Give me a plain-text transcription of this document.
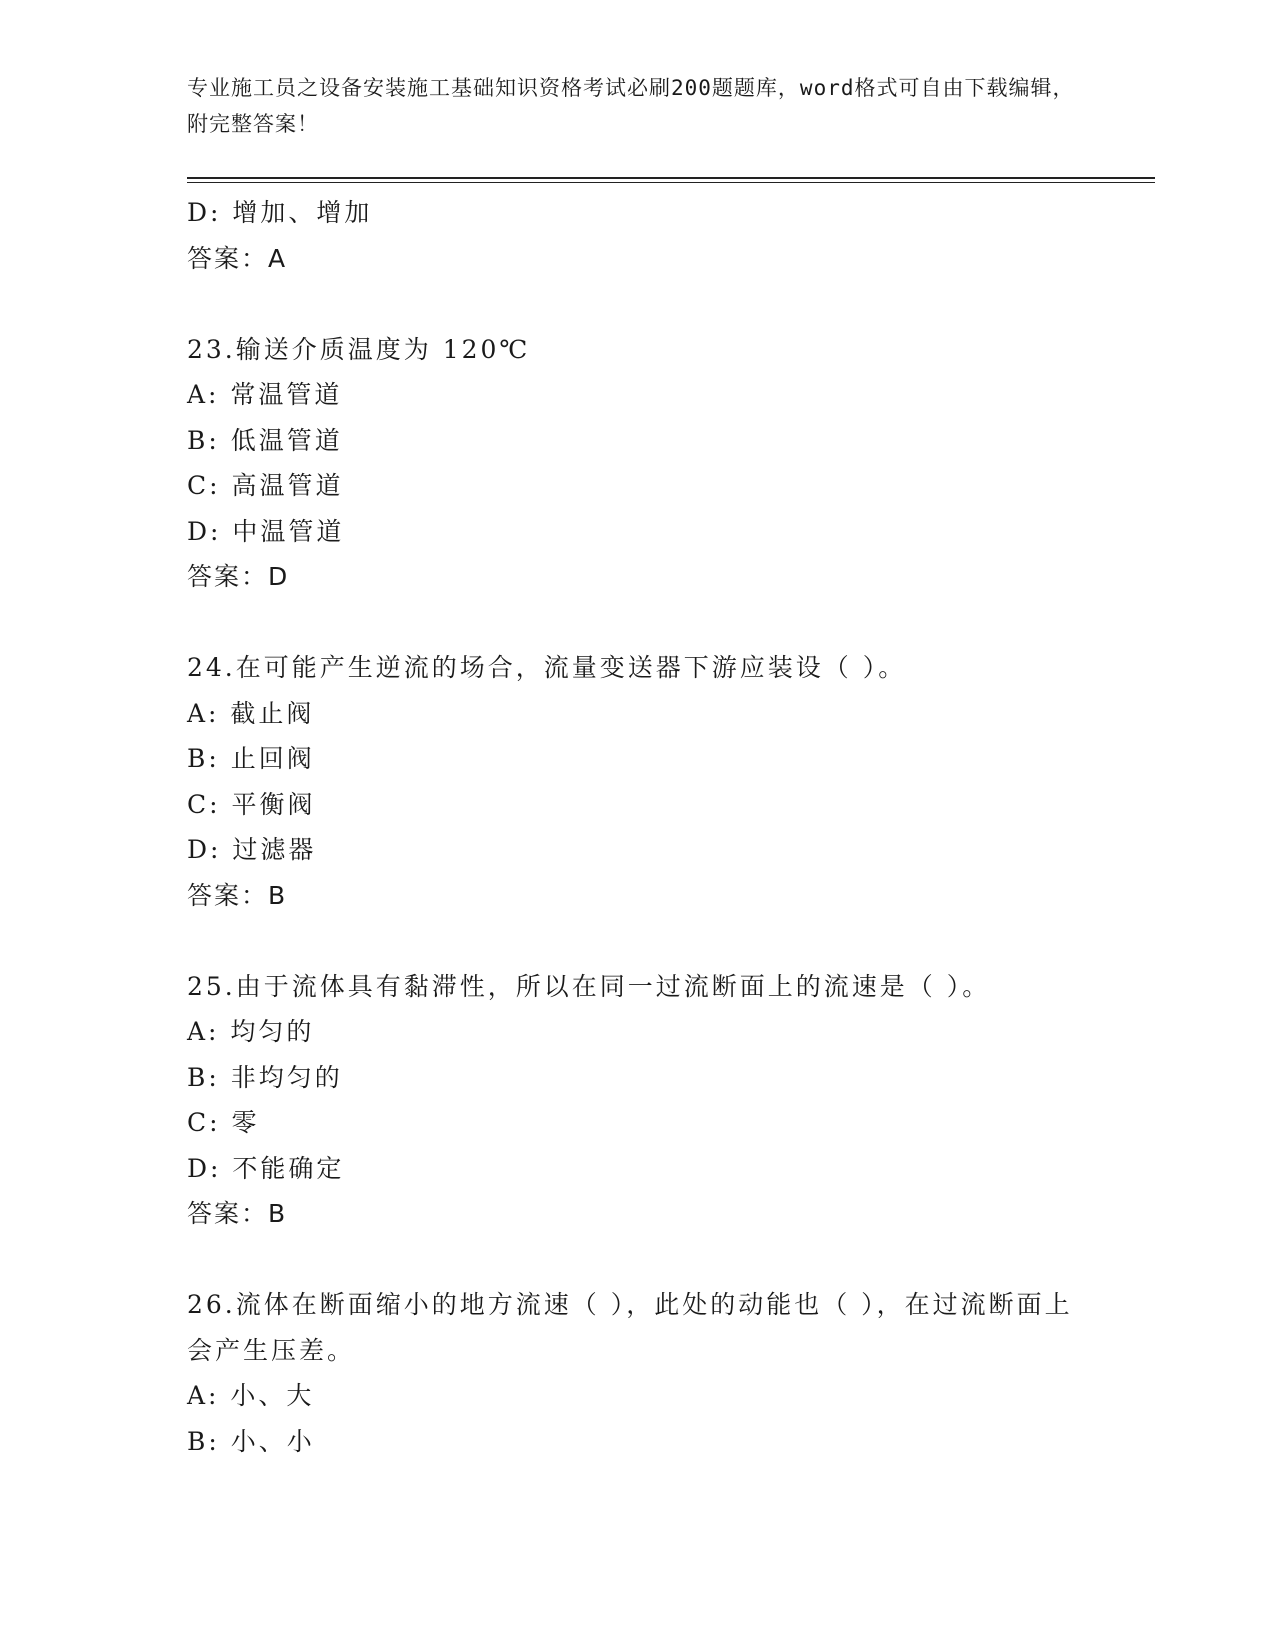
专业施工员之设备安装施工基础知识资格考试必刷200题题库，word格式可自由下载编辑，附完整答案！
D: 增加、增加
答案：A
23.输送介质温度为 120℃
A: 常温管道
B: 低温管道
C: 高温管道
D: 中温管道
答案：D
24.在可能产生逆流的场合，流量变送器下游应装设（ ）。
A: 截止阀
B: 止回阀
C: 平衡阀
D: 过滤器
答案：B
25.由于流体具有黏滞性，所以在同一过流断面上的流速是（ ）。
A: 均匀的
B: 非均匀的
C: 零
D: 不能确定
答案：B
26.流体在断面缩小的地方流速（ ），此处的动能也（ ），在过流断面上会产生压差。
A: 小、大
B: 小、小
